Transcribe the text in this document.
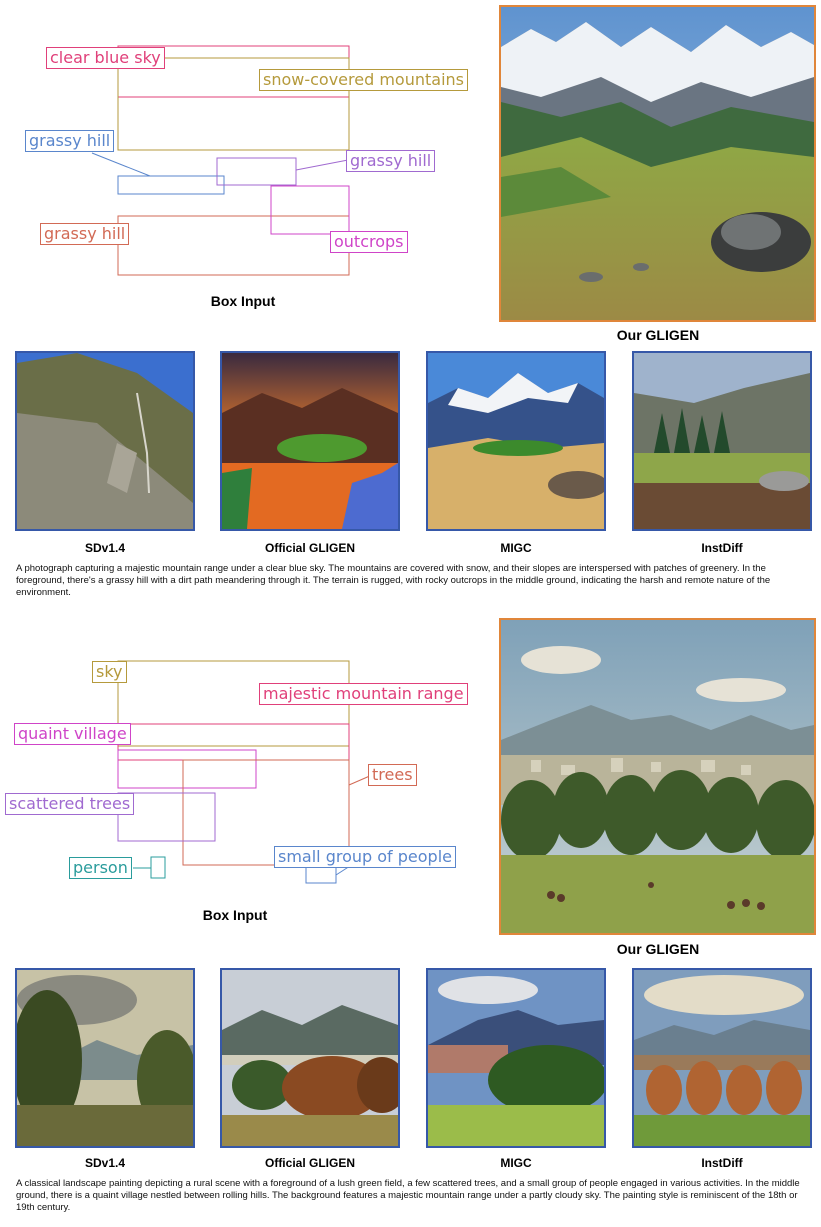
clear blue sky
snow-covered mountains
grassy hill
grassy hill
grassy hill	outcrops
Box Input
Our GLIGEN
SDv1.4	Official GLIGEN	MIGC	InstDiff
A photograph capturing a majestic mountain range under a clear blue sky. The mountains are covered with snow, and their slopes are interspersed with patches of greenery. In the foreground, there's a grassy hill with a dirt path meandering through it. The terrain is rugged, with rocky outcrops in the middle ground, indicating the harsh and remote nature of the environment.
sky
majestic mountain range
quaint village
trees
scattered trees
person
small group of people
Box Input
Our GLIGEN
SDv1.4	Official GLIGEN	MIGC	InstDiff
A classical landscape painting depicting a rural scene with a foreground of a lush green field, a few scattered trees, and a small group of people engaged in various activities. In the middle ground, there is a quaint village nestled between rolling hills. The background features a majestic mountain range under a partly cloudy sky. The painting style is reminiscent of the 18th or 19th century.
